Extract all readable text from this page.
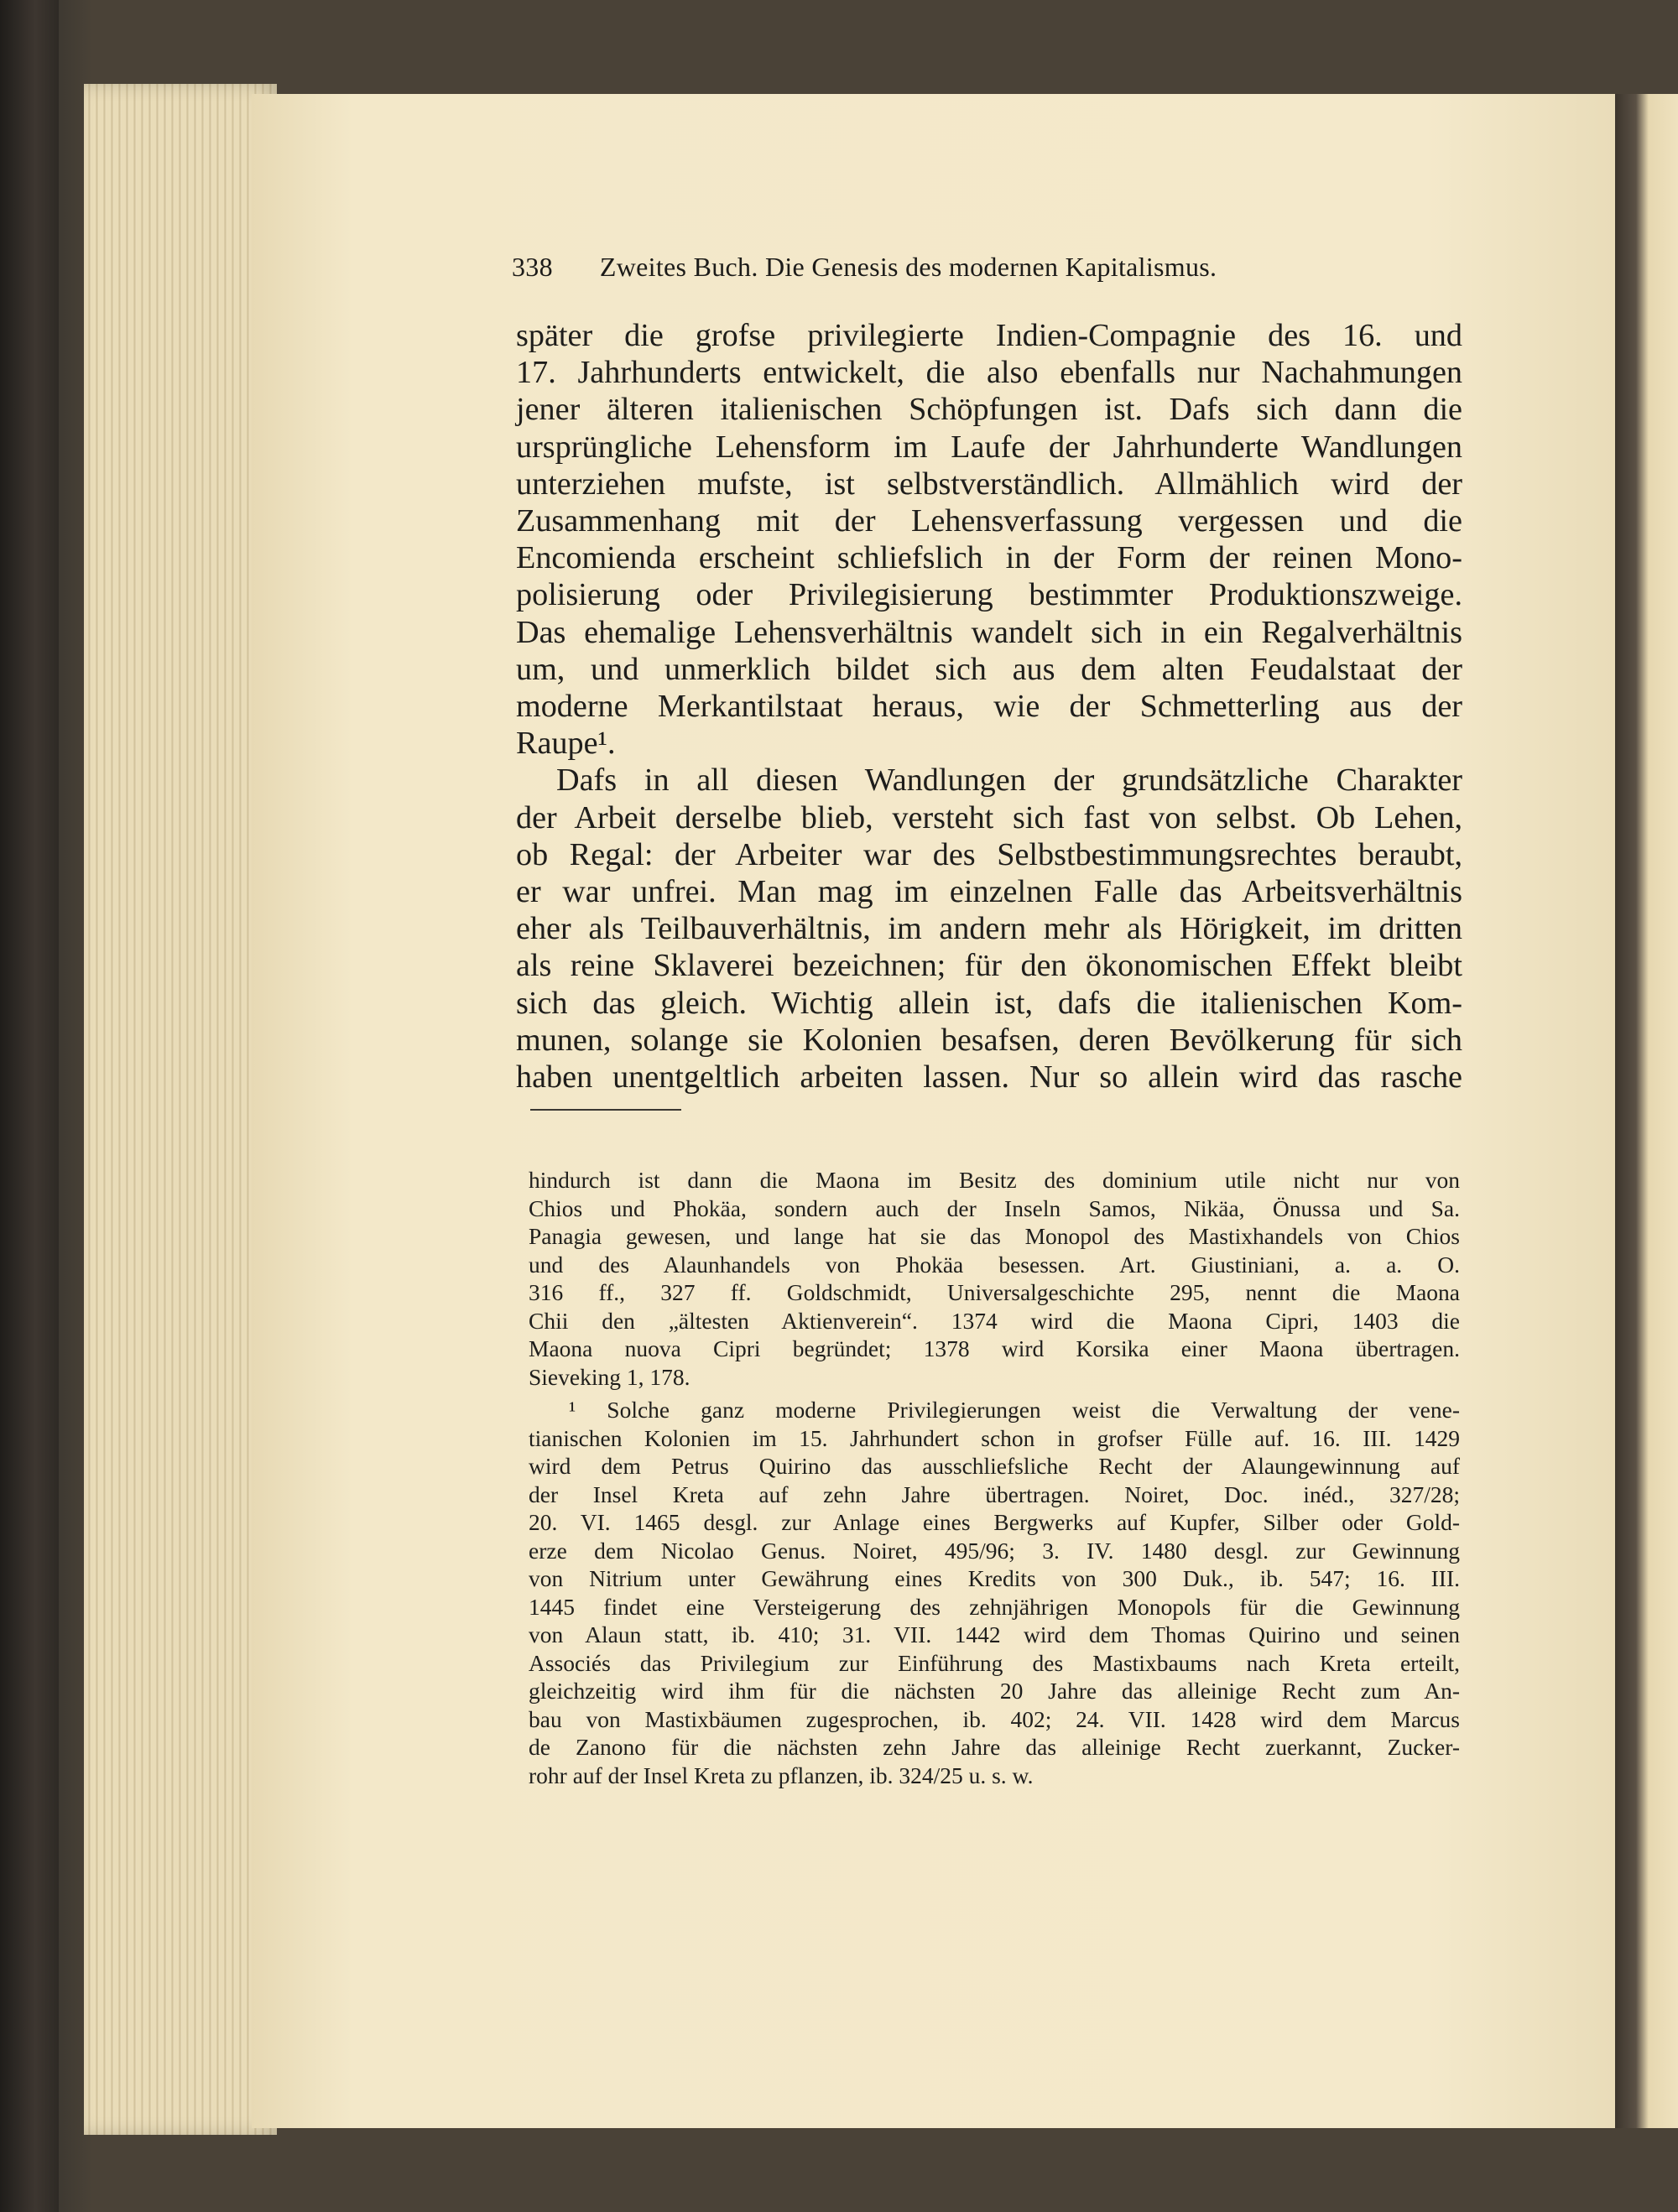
338 Zweites Buch. Die Genesis des modernen Kapitalismus.
später die grofse privilegierte Indien-Compagnie des 16. und
17. Jahrhunderts entwickelt, die also ebenfalls nur Nachahmungen
jener älteren italienischen Schöpfungen ist. Dafs sich dann die
ursprüngliche Lehensform im Laufe der Jahrhunderte Wandlungen
unterziehen mufste, ist selbstverständlich. Allmählich wird der
Zusammenhang mit der Lehensverfassung vergessen und die
Encomienda erscheint schliefslich in der Form der reinen Mono-
polisierung oder Privilegisierung bestimmter Produktionszweige.
Das ehemalige Lehensverhältnis wandelt sich in ein Regalverhältnis
um, und unmerklich bildet sich aus dem alten Feudalstaat der
moderne Merkantilstaat heraus, wie der Schmetterling aus der
Raupe¹.
Dafs in all diesen Wandlungen der grundsätzliche Charakter
der Arbeit derselbe blieb, versteht sich fast von selbst. Ob Lehen,
ob Regal: der Arbeiter war des Selbstbestimmungsrechtes beraubt,
er war unfrei. Man mag im einzelnen Falle das Arbeitsverhältnis
eher als Teilbauverhältnis, im andern mehr als Hörigkeit, im dritten
als reine Sklaverei bezeichnen; für den ökonomischen Effekt bleibt
sich das gleich. Wichtig allein ist, dafs die italienischen Kom-
munen, solange sie Kolonien besafsen, deren Bevölkerung für sich
haben unentgeltlich arbeiten lassen. Nur so allein wird das rasche
hindurch ist dann die Maona im Besitz des dominium utile nicht nur von
Chios und Phokäa, sondern auch der Inseln Samos, Nikäa, Önussa und Sa.
Panagia gewesen, und lange hat sie das Monopol des Mastixhandels von Chios
und des Alaunhandels von Phokäa besessen. Art. Giustiniani, a. a. O.
316 ff., 327 ff. Goldschmidt, Universalgeschichte 295, nennt die Maona
Chii den „ältesten Aktienverein“. 1374 wird die Maona Cipri, 1403 die
Maona nuova Cipri begründet; 1378 wird Korsika einer Maona übertragen.
Sieveking 1, 178.
¹ Solche ganz moderne Privilegierungen weist die Verwaltung der vene-
tianischen Kolonien im 15. Jahrhundert schon in grofser Fülle auf. 16. III. 1429
wird dem Petrus Quirino das ausschliefsliche Recht der Alaungewinnung auf
der Insel Kreta auf zehn Jahre übertragen. Noiret, Doc. inéd., 327/28;
20. VI. 1465 desgl. zur Anlage eines Bergwerks auf Kupfer, Silber oder Gold-
erze dem Nicolao Genus. Noiret, 495/96; 3. IV. 1480 desgl. zur Gewinnung
von Nitrium unter Gewährung eines Kredits von 300 Duk., ib. 547; 16. III.
1445 findet eine Versteigerung des zehnjährigen Monopols für die Gewinnung
von Alaun statt, ib. 410; 31. VII. 1442 wird dem Thomas Quirino und seinen
Associés das Privilegium zur Einführung des Mastixbaums nach Kreta erteilt,
gleichzeitig wird ihm für die nächsten 20 Jahre das alleinige Recht zum An-
bau von Mastixbäumen zugesprochen, ib. 402; 24. VII. 1428 wird dem Marcus
de Zanono für die nächsten zehn Jahre das alleinige Recht zuerkannt, Zucker-
rohr auf der Insel Kreta zu pflanzen, ib. 324/25 u. s. w.
